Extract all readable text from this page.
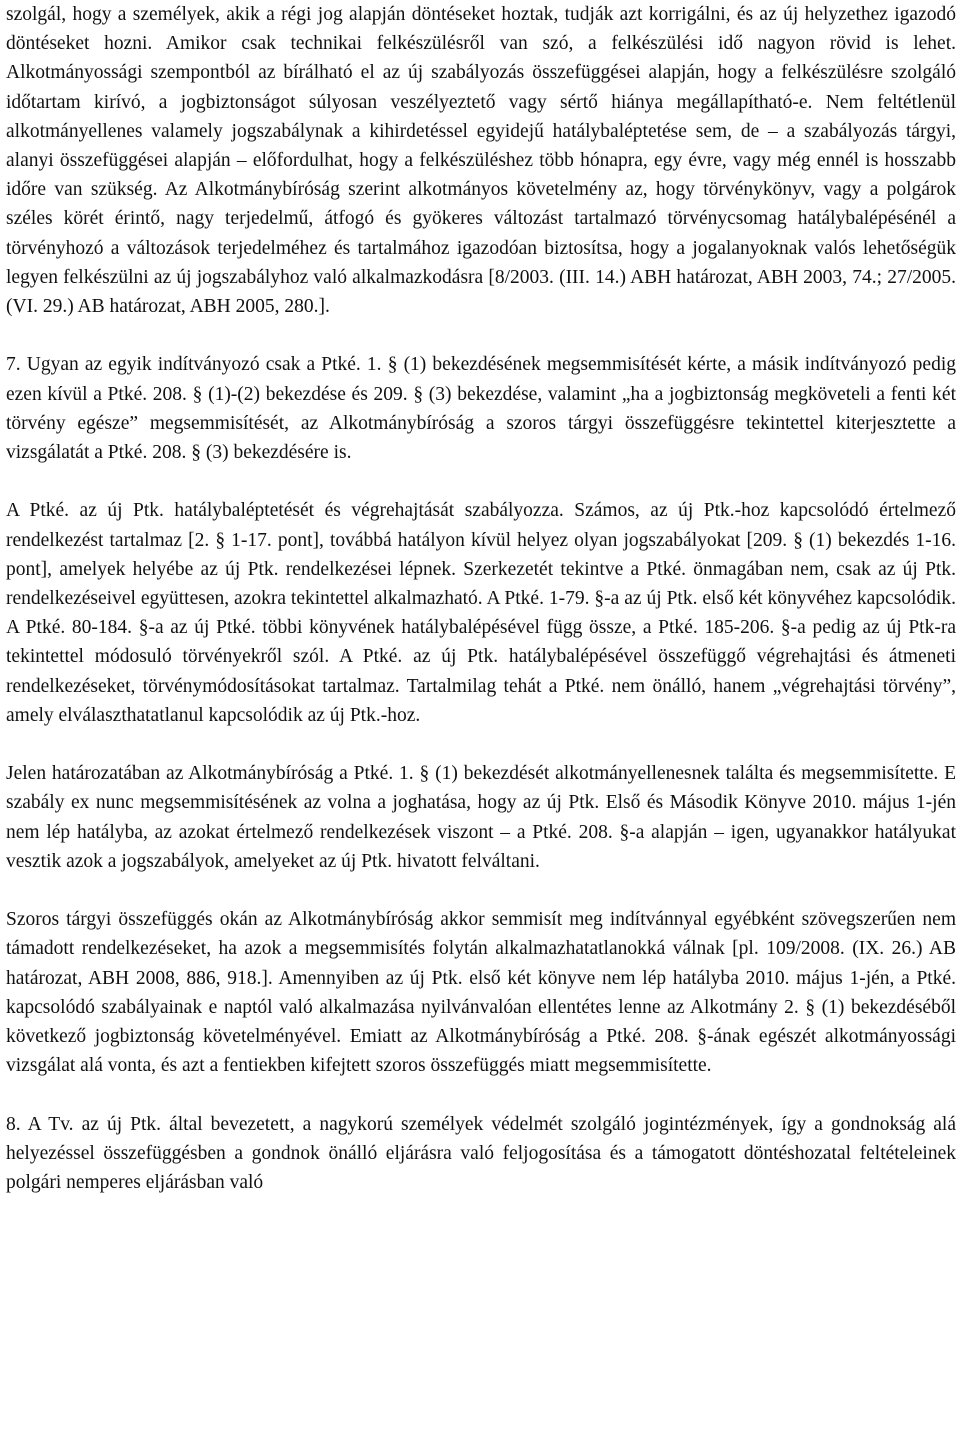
szolgál, hogy a személyek, akik a régi jog alapján döntéseket hoztak, tudják azt korrigálni, és az új helyzethez igazodó döntéseket hozni. Amikor csak technikai felkészülésről van szó, a felkészülési idő nagyon rövid is lehet. Alkotmányossági szempontból az bírálható el az új szabályozás összefüggései alapján, hogy a felkészülésre szolgáló időtartam kirívó, a jogbiztonságot súlyosan veszélyeztető vagy sértő hiánya megállapítható-e. Nem feltétlenül alkotmányellenes valamely jogszabálynak a kihirdetéssel egyidejű hatálybaléptetése sem, de – a szabályozás tárgyi, alanyi összefüggései alapján – előfordulhat, hogy a felkészüléshez több hónapra, egy évre, vagy még ennél is hosszabb időre van szükség. Az Alkotmánybíróság szerint alkotmányos követelmény az, hogy törvénykönyv, vagy a polgárok széles körét érintő, nagy terjedelmű, átfogó és gyökeres változást tartalmazó törvénycsomag hatálybalépésénél a törvényhozó a változások terjedelméhez és tartalmához igazodóan biztosítsa, hogy a jogalanyoknak valós lehetőségük legyen felkészülni az új jogszabályhoz való alkalmazkodásra [8/2003. (III. 14.) ABH határozat, ABH 2003, 74.; 27/2005. (VI. 29.) AB határozat, ABH 2005, 280.].

7. Ugyan az egyik indítványozó csak a Ptké. 1. § (1) bekezdésének megsemmisítését kérte, a másik indítványozó pedig ezen kívül a Ptké. 208. § (1)-(2) bekezdése és 209. § (3) bekezdése, valamint „ha a jogbiztonság megköveteli a fenti két törvény egésze” megsemmisítését, az Alkotmánybíróság a szoros tárgyi összefüggésre tekintettel kiterjesztette a vizsgálatát a Ptké. 208. § (3) bekezdésére is.

A Ptké. az új Ptk. hatálybaléptetését és végrehajtását szabályozza. Számos, az új Ptk.-hoz kapcsolódó értelmező rendelkezést tartalmaz [2. § 1-17. pont], továbbá hatályon kívül helyez olyan jogszabályokat [209. § (1) bekezdés 1-16. pont], amelyek helyébe az új Ptk. rendelkezései lépnek. Szerkezetét tekintve a Ptké. önmagában nem, csak az új Ptk. rendelkezéseivel együttesen, azokra tekintettel alkalmazható. A Ptké. 1-79. §-a az új Ptk. első két könyvéhez kapcsolódik. A Ptké. 80-184. §-a az új Ptké. többi könyvének hatálybalépésével függ össze, a Ptké. 185-206. §-a pedig az új Ptk-ra tekintettel módosuló törvényekről szól. A Ptké. az új Ptk. hatálybalépésével összefüggő végrehajtási és átmeneti rendelkezéseket, törvénymódosításokat tartalmaz. Tartalmilag tehát a Ptké. nem önálló, hanem „végrehajtási törvény”, amely elválaszthatatlanul kapcsolódik az új Ptk.-hoz.

Jelen határozatában az Alkotmánybíróság a Ptké. 1. § (1) bekezdését alkotmányellenesnek találta és megsemmisítette. E szabály ex nunc megsemmisítésének az volna a joghatása, hogy az új Ptk. Első és Második Könyve 2010. május 1-jén nem lép hatályba, az azokat értelmező rendelkezések viszont – a Ptké. 208. §-a alapján – igen, ugyanakkor hatályukat vesztik azok a jogszabályok, amelyeket az új Ptk. hivatott felváltani.

Szoros tárgyi összefüggés okán az Alkotmánybíróság akkor semmisít meg indítvánnyal egyébként szövegszerűen nem támadott rendelkezéseket, ha azok a megsemmisítés folytán alkalmazhatatlanokká válnak [pl. 109/2008. (IX. 26.) AB határozat, ABH 2008, 886, 918.]. Amennyiben az új Ptk. első két könyve nem lép hatályba 2010. május 1-jén, a Ptké. kapcsolódó szabályainak e naptól való alkalmazása nyilvánvalóan ellentétes lenne az Alkotmány 2. § (1) bekezdéséből következő jogbiztonság követelményével. Emiatt az Alkotmánybíróság a Ptké. 208. §-ának egészét alkotmányossági vizsgálat alá vonta, és azt a fentiekben kifejtett szoros összefüggés miatt megsemmisítette.

8. A Tv. az új Ptk. által bevezetett, a nagykorú személyek védelmét szolgáló jogintézmények, így a gondnokság alá helyezéssel összefüggésben a gondnok önálló eljárásra való feljogosítása és a támogatott döntéshozatal feltételeinek polgári nemperes eljárásban való
